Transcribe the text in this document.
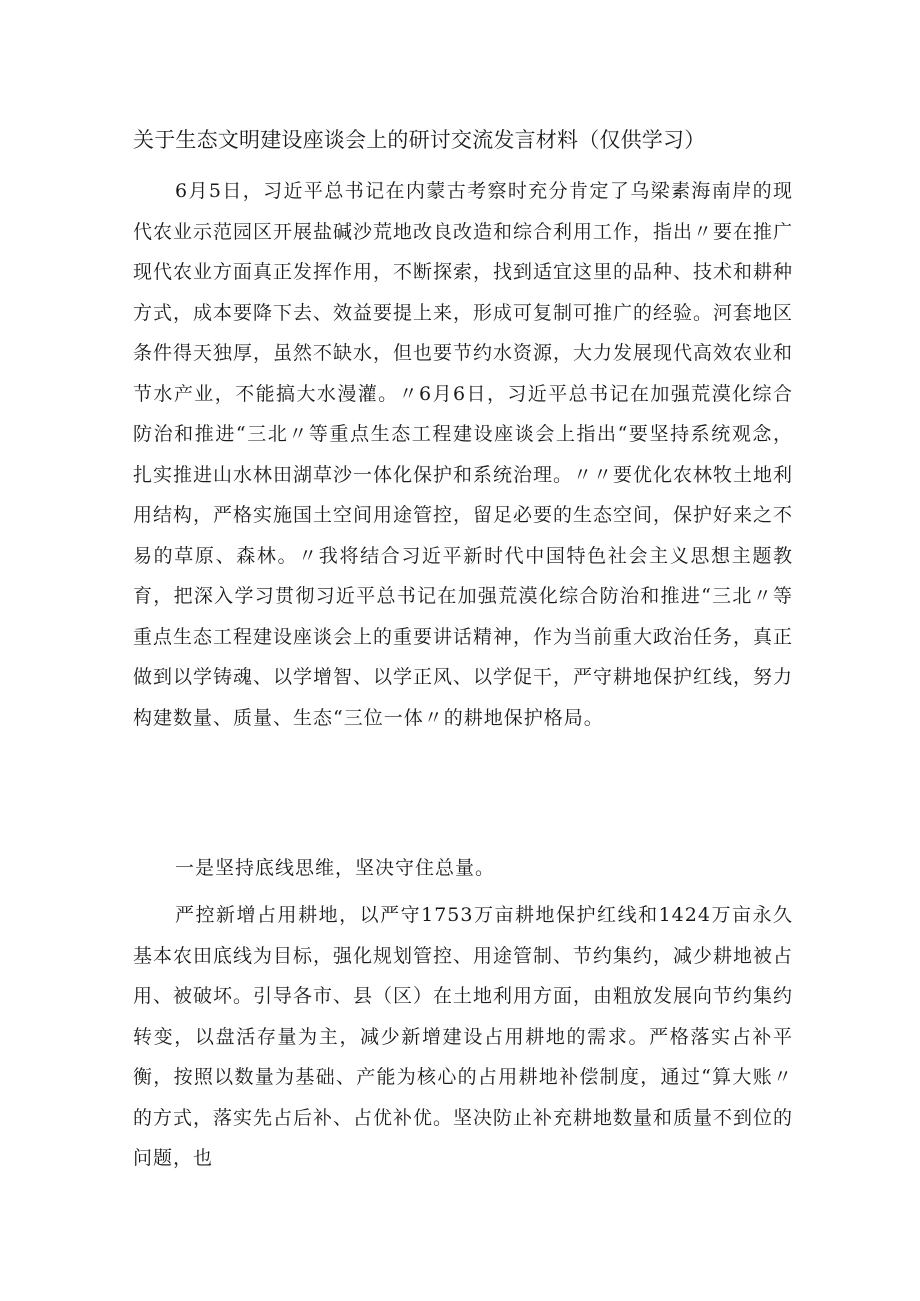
关于生态文明建设座谈会上的研讨交流发言材料（仅供学习）

6月5日，习近平总书记在内蒙古考察时充分肯定了乌梁素海南岸的现代农业示范园区开展盐碱沙荒地改良改造和综合利用工作，指出〃要在推广现代农业方面真正发挥作用，不断探索，找到适宜这里的品种、技术和耕种方式，成本要降下去、效益要提上来，形成可复制可推广的经验。河套地区条件得天独厚，虽然不缺水，但也要节约水资源，大力发展现代高效农业和节水产业，不能搞大水漫灌。〃6月6日，习近平总书记在加强荒漠化综合防治和推进“三北〃等重点生态工程建设座谈会上指出“要坚持系统观念，扎实推进山水林田湖草沙一体化保护和系统治理。〃〃要优化农林牧土地利用结构，严格实施国土空间用途管控，留足必要的生态空间，保护好来之不易的草原、森林。〃我将结合习近平新时代中国特色社会主义思想主题教育，把深入学习贯彻习近平总书记在加强荒漠化综合防治和推进“三北〃等重点生态工程建设座谈会上的重要讲话精神，作为当前重大政治任务，真正做到以学铸魂、以学增智、以学正风、以学促干，严守耕地保护红线，努力构建数量、质量、生态“三位一体〃的耕地保护格局。

一是坚持底线思维，坚决守住总量。

严控新增占用耕地，以严守1753万亩耕地保护红线和1424万亩永久基本农田底线为目标，强化规划管控、用途管制、节约集约，减少耕地被占用、被破坏。引导各市、县（区）在土地利用方面，由粗放发展向节约集约转变，以盘活存量为主，减少新增建设占用耕地的需求。严格落实占补平衡，按照以数量为基础、产能为核心的占用耕地补偿制度，通过“算大账〃的方式，落实先占后补、占优补优。坚决防止补充耕地数量和质量不到位的问题，也
